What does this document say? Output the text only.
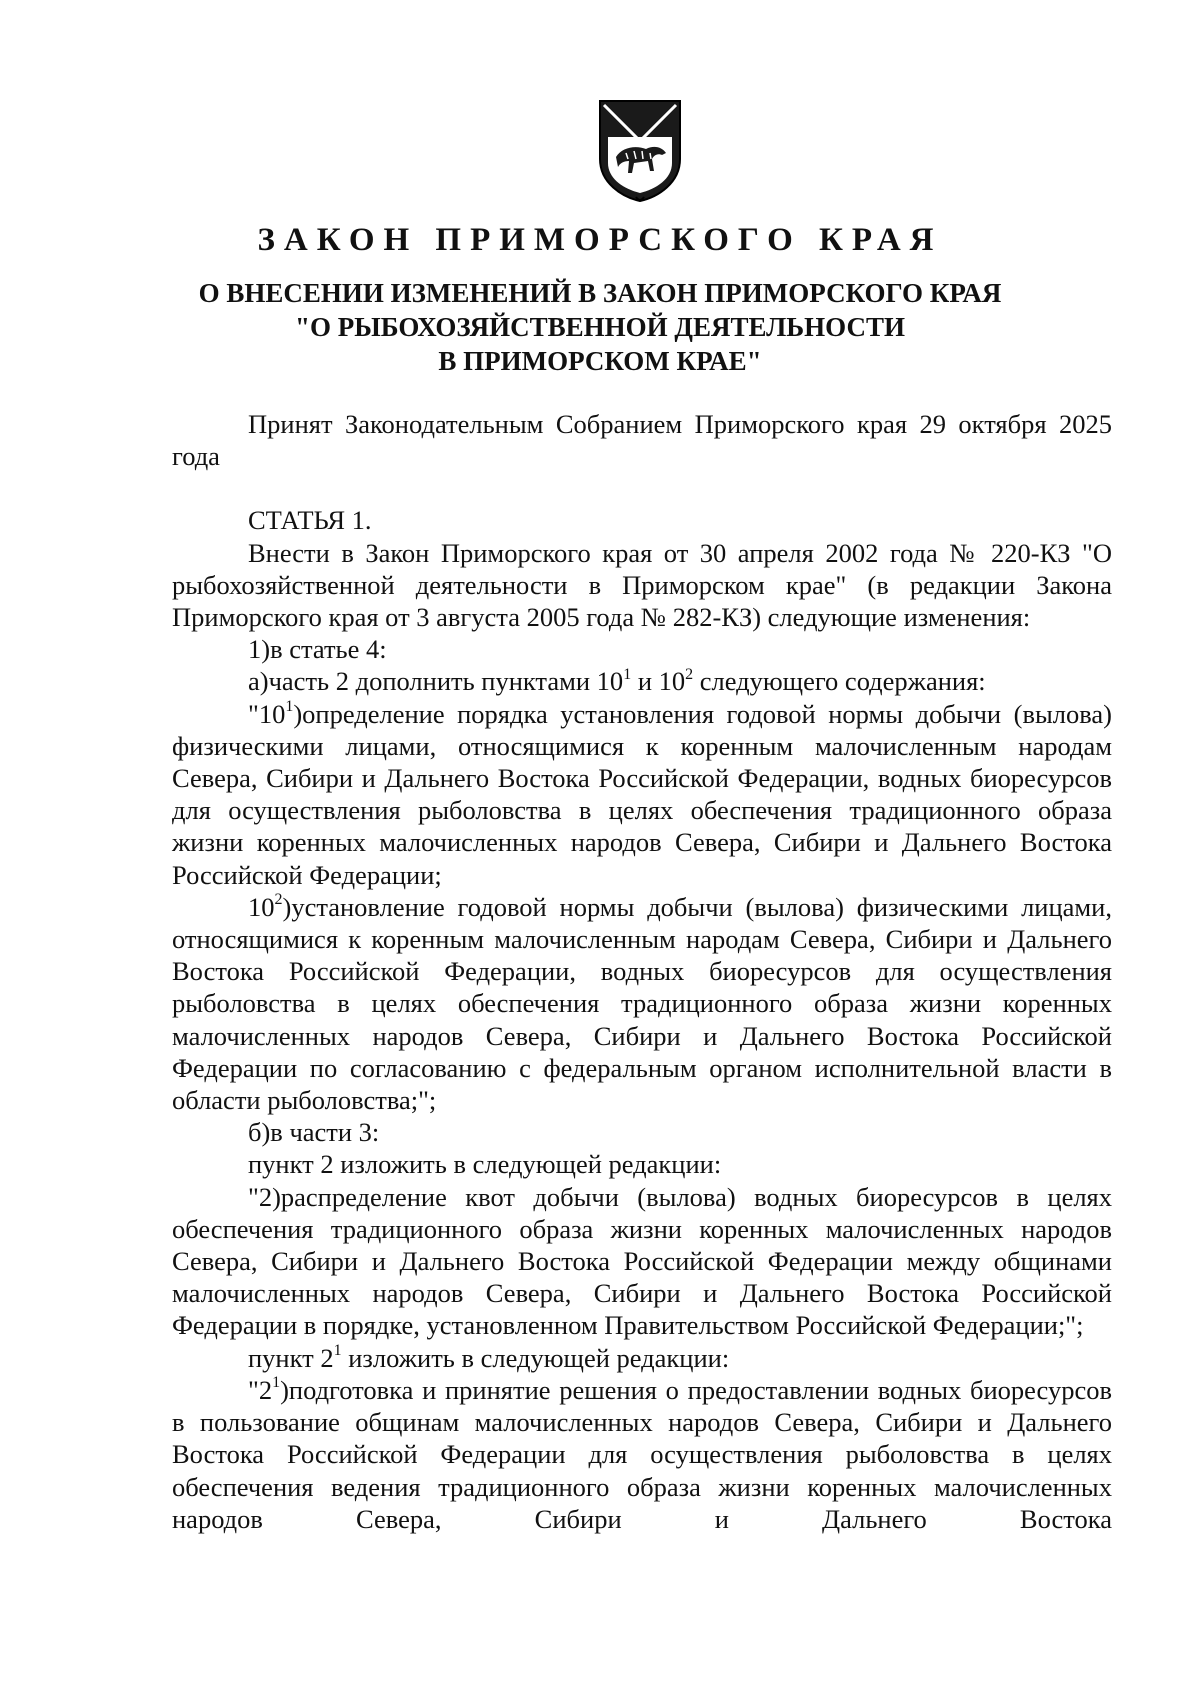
ЗАКОН ПРИМОРСКОГО КРАЯ
О ВНЕСЕНИИ ИЗМЕНЕНИЙ В ЗАКОН ПРИМОРСКОГО КРАЯ
"О РЫБОХОЗЯЙСТВЕННОЙ ДЕЯТЕЛЬНОСТИ
В ПРИМОРСКОМ КРАЕ"

Принят Законодательным Собранием Приморского края 29 октября 2025 года

СТАТЬЯ 1.

Внести в Закон Приморского края от 30 апреля 2002 года № 220-КЗ "О рыбохозяйственной деятельности в Приморском крае" (в редакции Закона Приморского края от 3 августа 2005 года № 282-КЗ) следующие изменения:

1)в статье 4:

а)часть 2 дополнить пунктами $10^1$ и $10^2$ следующего содержания:

"$10^1)определение$ порядка установления годовой нормы добычи (вылова) физическими лицами, относящимися к коренным малочисленным народам Севера, Сибири и Дальнего Востока Российской Федерации, водных биоресурсов для осуществления рыболовства в целях обеспечения традиционного образа жизни коренных малочисленных народов Севера, Сибири и Дальнего Востока Российской Федерации;

$10^2)установление$ годовой нормы добычи (вылова) физическими лицами, относящимися к коренным малочисленным народам Севера, Сибири и Дальнего Востока Российской Федерации, водных биоресурсов для осуществления рыболовства в целях обеспечения традиционного образа жизни коренных малочисленных народов Севера, Сибири и Дальнего Востока Российской Федерации по согласованию с федеральным органом исполнительной власти в области рыболовства;";

б)в части 3:

пункт 2 изложить в следующей редакции:

"2)распределение квот добычи (вылова) водных биоресурсов в целях обеспечения традиционного образа жизни коренных малочисленных народов Севера, Сибири и Дальнего Востока Российской Федерации между общинами малочисленных народов Севера, Сибири и Дальнего Востока Российской Федерации в порядке, установленном Правительством Российской Федерации;";

пункт $2^1$ изложить в следующей редакции:

"$2^1)подготовка$ и принятие решения о предоставлении водных биоресурсов в пользование общинам малочисленных народов Севера, Сибири и Дальнего Востока Российской Федерации для осуществления рыболовства в целях обеспечения ведения традиционного образа жизни коренных малочисленных народов Севера, Сибири и Дальнего Востока
